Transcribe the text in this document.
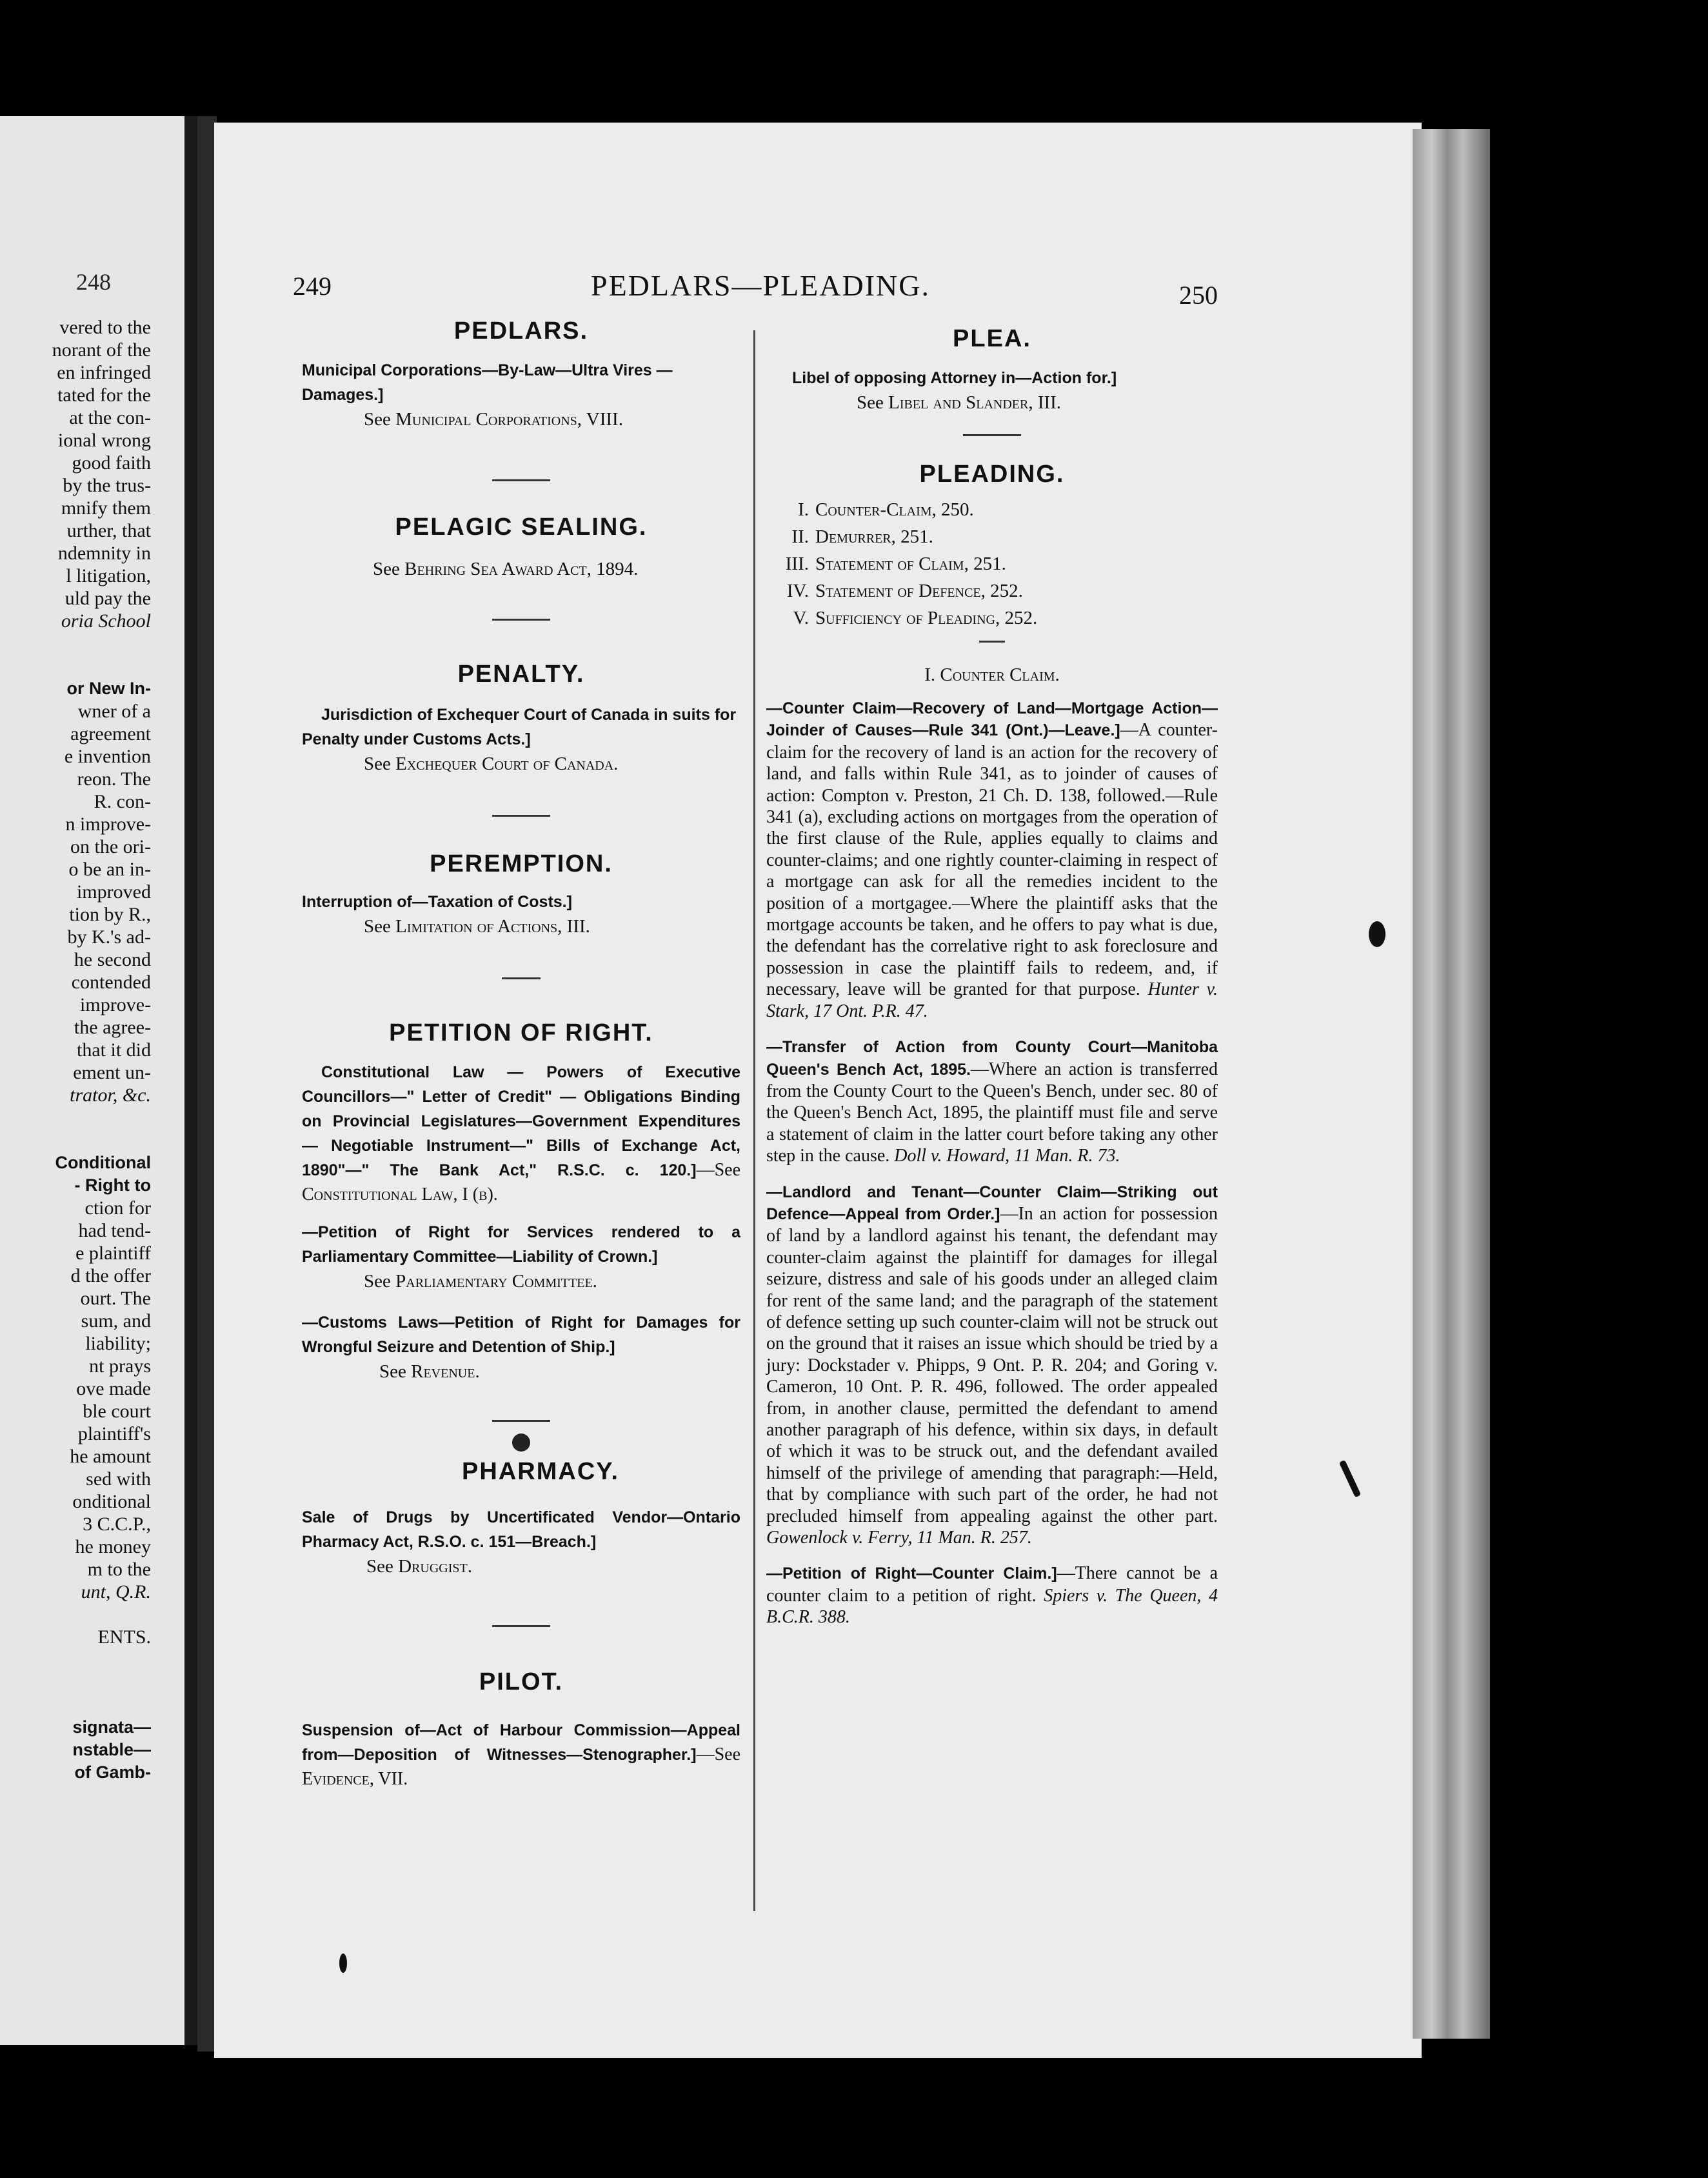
248
vered to the
norant of the
en infringed
tated for the
at the con-
ional wrong
good faith
by the trus-
mnify them
urther, that
ndemnity in
l litigation,
uld pay the
oria School

or New In-
wner of a
agreement
e invention
reon. The
R. con-
n improve-
on the ori-
o be an in-
improved
tion by R.,
by K.'s ad-
he second
contended
improve-
the agree-
that it did
ement un-
trator, &c.

Conditional
- Right to
ction for
had tend-
e plaintiff
d the offer
ourt. The
sum, and
liability;
nt prays
ove made
ble court
plaintiff's
he amount
sed with
onditional
3 C.C.P.,
he money
m to the
unt, Q.R.

ENTS.

signata—
nstable—
of Gamb-
249	PEDLARS—PLEADING.	250
PEDLARS.

Municipal Corporations—By-Law—Ultra Vires —Damages.]

See Municipal Corporations, VIII.

PELAGIC SEALING.

See Behring Sea Award Act, 1894.

PENALTY.

Jurisdiction of Exchequer Court of Canada in suits for Penalty under Customs Acts.]

See Exchequer Court of Canada.

PEREMPTION.

Interruption of—Taxation of Costs.]

See Limitation of Actions, III.

PETITION OF RIGHT.

Constitutional Law — Powers of Executive Councillors—" Letter of Credit" — Obligations Binding on Provincial Legislatures—Government Expenditures — Negotiable Instrument—" Bills of Exchange Act, 1890"—" The Bank Act," R.S.C. c. 120.]—See Constitutional Law, I (b).

—Petition of Right for Services rendered to a Parliamentary Committee—Liability of Crown.]

See Parliamentary Committee.

—Customs Laws—Petition of Right for Damages for Wrongful Seizure and Detention of Ship.]

See Revenue.

PHARMACY.

Sale of Drugs by Uncertificated Vendor—Ontario Pharmacy Act, R.S.O. c. 151—Breach.]

See Druggist.

PILOT.

Suspension of—Act of Harbour Commission—Appeal from—Deposition of Witnesses—Stenographer.]—See Evidence, VII.

PLEA.

Libel of opposing Attorney in—Action for.]

See Libel and Slander, III.

PLEADING.
I. Counter-Claim, 250.
II. Demurrer, 251.
III. Statement of Claim, 251.
IV. Statement of Defence, 252.
V. Sufficiency of Pleading, 252.

I. Counter Claim.

—Counter Claim—Recovery of Land—Mortgage Action—Joinder of Causes—Rule 341 (Ont.)—Leave.]—A counter-claim for the recovery of land is an action for the recovery of land, and falls within Rule 341, as to joinder of causes of action: Compton v. Preston, 21 Ch. D. 138, followed.—Rule 341 (a), excluding actions on mortgages from the operation of the first clause of the Rule, applies equally to claims and counter-claims; and one rightly counter-claiming in respect of a mortgage can ask for all the remedies incident to the position of a mortgagee.—Where the plaintiff asks that the mortgage accounts be taken, and he offers to pay what is due, the defendant has the correlative right to ask foreclosure and possession in case the plaintiff fails to redeem, and, if necessary, leave will be granted for that purpose. Hunter v. Stark, 17 Ont. P.R. 47.

—Transfer of Action from County Court—Manitoba Queen's Bench Act, 1895.—Where an action is transferred from the County Court to the Queen's Bench, under sec. 80 of the Queen's Bench Act, 1895, the plaintiff must file and serve a statement of claim in the latter court before taking any other step in the cause. Doll v. Howard, 11 Man. R. 73.

—Landlord and Tenant—Counter Claim—Striking out Defence—Appeal from Order.]—In an action for possession of land by a landlord against his tenant, the defendant may counter-claim against the plaintiff for damages for illegal seizure, distress and sale of his goods under an alleged claim for rent of the same land; and the paragraph of the statement of defence setting up such counter-claim will not be struck out on the ground that it raises an issue which should be tried by a jury: Dockstader v. Phipps, 9 Ont. P. R. 204; and Goring v. Cameron, 10 Ont. P. R. 496, followed. The order appealed from, in another clause, permitted the defendant to amend another paragraph of his defence, within six days, in default of which it was to be struck out, and the defendant availed himself of the privilege of amending that paragraph:—Held, that by compliance with such part of the order, he had not precluded himself from appealing against the other part. Gowenlock v. Ferry, 11 Man. R. 257.

—Petition of Right—Counter Claim.]—There cannot be a counter claim to a petition of right. Spiers v. The Queen, 4 B.C.R. 388.
